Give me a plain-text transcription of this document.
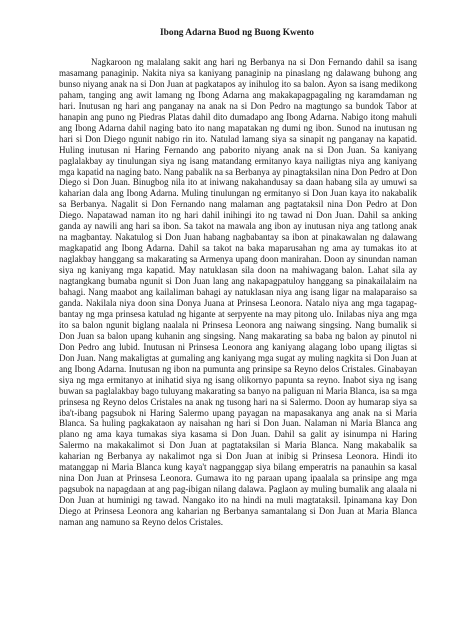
Ibong Adarna Buod ng Buong Kwento

Nagkaroon ng malalang sakit ang hari ng Berbanya na si Don Fernando dahil sa isang masamang panaginip. Nakita niya sa kaniyang panaginip na pinaslang ng dalawang buhong ang bunso niyang anak na si Don Juan at pagkatapos ay inihulog ito sa balon. Ayon sa isang medikong paham, tanging ang awit lamang ng Ibong Adarna ang makakapagpagaling ng karamdaman ng hari. Inutusan ng hari ang panganay na anak na si Don Pedro na magtungo sa bundok Tabor at hanapin ang puno ng Piedras Platas dahil dito dumadapo ang Ibong Adarna. Nabigo itong mahuli ang Ibong Adarna dahil naging bato ito nang mapatakan ng dumi ng ibon. Sunod na inutusan ng hari si Don Diego ngunit nabigo rin ito. Natulad lamang siya sa sinapit ng panganay na kapatid. Huling inutusan ni Haring Fernando ang paborito niyang anak na si Don Juan. Sa kaniyang paglalakbay ay tinulungan siya ng isang matandang ermitanyo kaya nailigtas niya ang kaniyang mga kapatid na naging bato. Nang pabalik na sa Berbanya ay pinagtaksilan nina Don Pedro at Don Diego si Don Juan. Binugbog nila ito at iniwang nakahandusay sa daan habang sila ay umuwi sa kaharian dala ang Ibong Adarna. Muling tinulungan ng ermitanyo si Don Juan kaya ito nakabalik sa Berbanya. Nagalit si Don Fernando nang malaman ang pagtataksil nina Don Pedro at Don Diego. Napatawad naman ito ng hari dahil inihingi ito ng tawad ni Don Juan. Dahil sa anking ganda ay nawili ang hari sa ibon. Sa takot na mawala ang ibon ay inutusan niya ang tatlong anak na magbantay. Nakatulog si Don Juan habang nagbabantay sa ibon at pinakawalan ng dalawang magkapatid ang Ibong Adarna. Dahil sa takot na baka maparusahan ng ama ay tumakas ito at naglakbay hanggang sa makarating sa Armenya upang doon manirahan. Doon ay sinundan naman siya ng kaniyang mga kapatid. May natuklasan sila doon na mahiwagang balon. Lahat sila ay nagtangkang bumaba ngunit si Don Juan lang ang nakapagpatuloy hanggang sa pinakailalaim na bahagi. Nang maabot ang kailaliman bahagi ay natuklasan niya ang isang ligar na malaparaiso sa ganda. Nakilala niya doon sina Donya Juana at Prinsesa Leonora. Natalo niya ang mga tagapag-bantay ng mga prinsesa katulad ng higante at serpyente na may pitong ulo. Inilabas niya ang mga ito sa balon ngunit biglang naalala ni Prinsesa Leonora ang naiwang singsing. Nang bumalik si Don Juan sa balon upang kuhanin ang singsing. Nang makarating sa baba ng balon ay pinutol ni Don Pedro ang lubid. Inutusan ni Prinsesa Leonora ang kaniyang alagang lobo upang iligtas si Don Juan. Nang makaligtas at gumaling ang kaniyang mga sugat ay muling nagkita si Don Juan at ang Ibong Adarna. Inutusan ng ibon na pumunta ang prinsipe sa Reyno delos Cristales. Ginabayan siya ng mga ermitanyo at inihatid siya ng isang olikornyo papunta sa reyno. Inabot siya ng isang buwan sa paglalakbay bago tuluyang makarating sa banyo na paliguan ni Maria Blanca, isa sa mga prinsesa ng Reyno delos Cristales na anak ng tusong hari na si Salermo. Doon ay humarap siya sa iba't-ibang pagsubok ni Haring Salermo upang payagan na mapasakanya ang anak na si Maria Blanca. Sa huling pagkakataon ay naisahan ng hari si Don Juan. Nalaman ni Maria Blanca ang plano ng ama kaya tumakas siya kasama si Don Juan. Dahil sa galit ay isinumpa ni Haring Salermo na makakalimot si Don Juan at pagtataksilan si Maria Blanca. Nang makabalik sa kaharian ng Berbanya ay nakalimot nga si Don Juan at inibig si Prinsesa Leonora. Hindi ito matanggap ni Maria Blanca kung kaya't nagpanggap siya bilang emperatris na panauhin sa kasal nina Don Juan at Prinsesa Leonora. Gumawa ito ng paraan upang ipaalala sa prinsipe ang mga pagsubok na napagdaan at ang pag-ibigan nilang dalawa. Paglaon ay muling bumalik ang alaala ni Don Juan at huminigi ng tawad. Nangako ito na hindi na muli magtataksil. Ipinamana kay Don Diego at Prinsesa Leonora ang kaharian ng Berbanya samantalang si Don Juan at Maria Blanca naman ang namuno sa Reyno delos Cristales.
